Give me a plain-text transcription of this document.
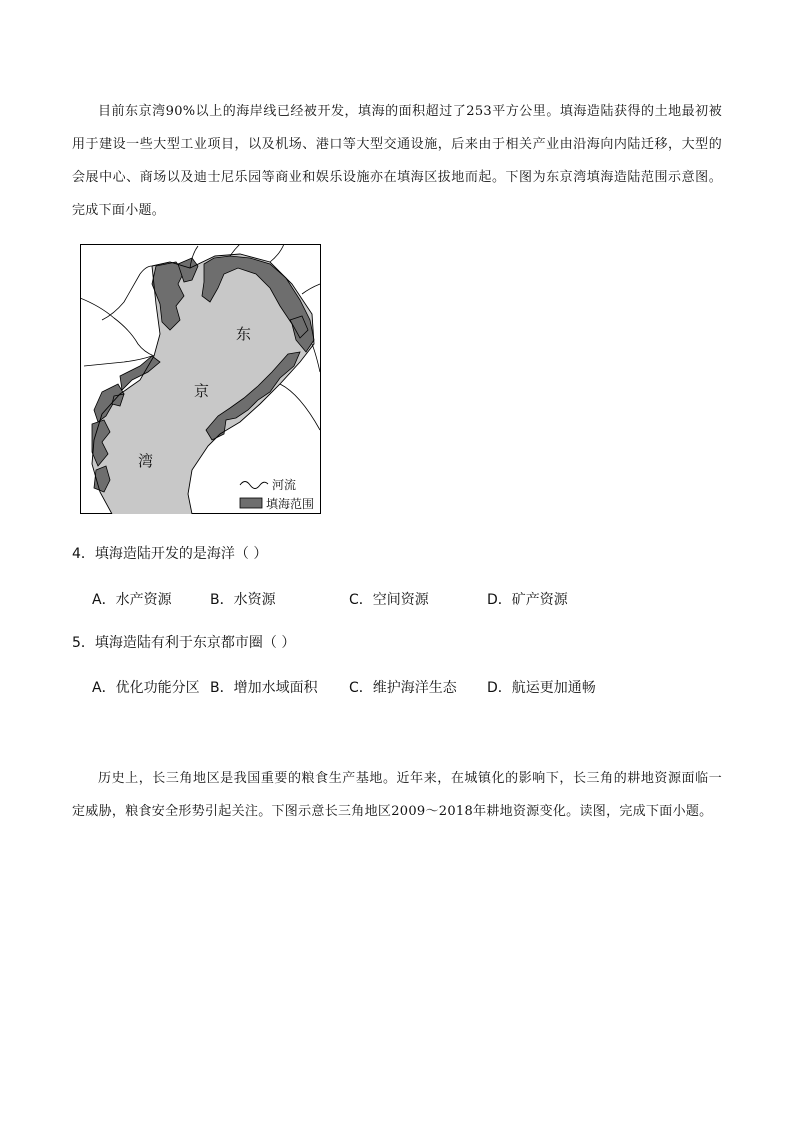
目前东京湾90%以上的海岸线已经被开发，填海的面积超过了253平方公里。填海造陆获得的土地最初被用于建设一些大型工业项目，以及机场、港口等大型交通设施，后来由于相关产业由沿海向内陆迁移，大型的会展中心、商场以及迪士尼乐园等商业和娱乐设施亦在填海区拔地而起。下图为东京湾填海造陆范围示意图。完成下面小题。

东
京
湾
河流
填海范围
4．填海造陆开发的是海洋（ ）
A．水产资源	B．水资源	C．空间资源	D．矿产资源
5．填海造陆有利于东京都市圈（ ）
A．优化功能分区 B．增加水域面积 C．维护海洋生态 D．航运更加通畅

历史上，长三角地区是我国重要的粮食生产基地。近年来，在城镇化的影响下，长三角的耕地资源面临一定威胁，粮食安全形势引起关注。下图示意长三角地区2009～2018年耕地资源变化。读图，完成下面小题。
